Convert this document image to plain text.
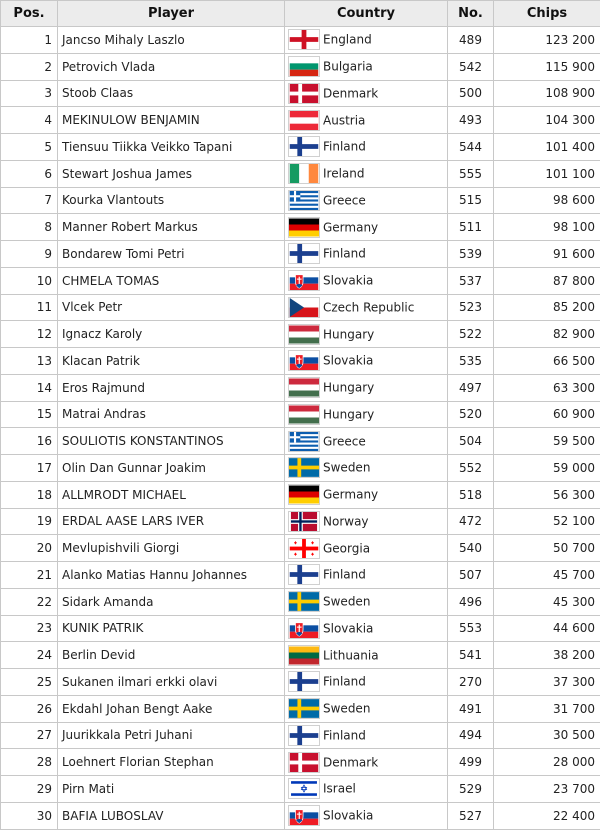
Pos.	Player	Country	No.	Chips
1	Jancso Mihaly Laszlo	England	489	123 200
2	Petrovich Vlada	Bulgaria	542	115 900
3	Stoob Claas	Denmark	500	108 900
4	MEKINULOW BENJAMIN	Austria	493	104 300
5	Tiensuu Tiikka Veikko Tapani	Finland	544	101 400
6	Stewart Joshua James	Ireland	555	101 100
7	Kourka Vlantouts	Greece	515	98 600
8	Manner Robert Markus	Germany	511	98 100
9	Bondarew Tomi Petri	Finland	539	91 600
10	CHMELA TOMAS	Slovakia	537	87 800
11	Vlcek Petr	Czech Republic	523	85 200
12	Ignacz Karoly	Hungary	522	82 900
13	Klacan Patrik	Slovakia	535	66 500
14	Eros Rajmund	Hungary	497	63 300
15	Matrai Andras	Hungary	520	60 900
16	SOULIOTIS KONSTANTINOS	Greece	504	59 500
17	Olin Dan Gunnar Joakim	Sweden	552	59 000
18	ALLMRODT MICHAEL	Germany	518	56 300
19	ERDAL AASE LARS IVER	Norway	472	52 100
20	Mevlupishvili Giorgi	Georgia	540	50 700
21	Alanko Matias Hannu Johannes	Finland	507	45 700
22	Sidark Amanda	Sweden	496	45 300
23	KUNIK PATRIK	Slovakia	553	44 600
24	Berlin Devid	Lithuania	541	38 200
25	Sukanen ilmari erkki olavi	Finland	270	37 300
26	Ekdahl Johan Bengt Aake	Sweden	491	31 700
27	Juurikkala Petri Juhani	Finland	494	30 500
28	Loehnert Florian Stephan	Denmark	499	28 000
29	Pirn Mati	Israel	529	23 700
30	BAFIA LUBOSLAV	Slovakia	527	22 400
